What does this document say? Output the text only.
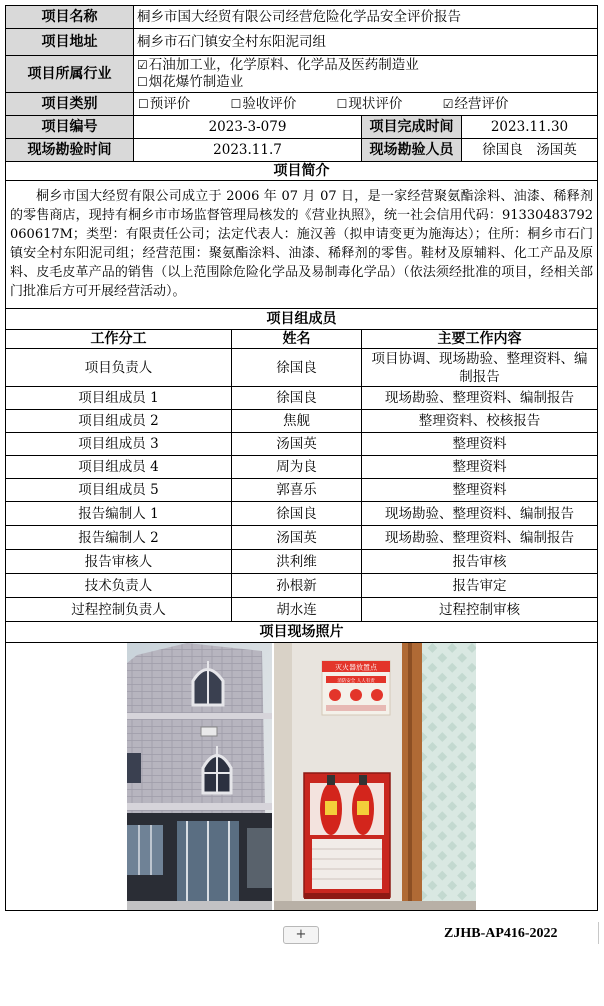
项目名称	桐乡市国大经贸有限公司经营危险化学品安全评价报告			
项目地址	桐乡市石门镇安全村东阳泥司组			
项目所属行业	☑石油加工业，化学原料、化学品及医药制造业
☐烟花爆竹制造业			

项目类别	☐预评价 ☐验收评价 ☐现状评价 ☑经营评价			
项目编号	2023-3-079		项目完成时间	2023.11.30
现场勘验时间	2023.11.7		现场勘验人员	徐国良　汤国英
项目简介				
桐乡市国大经贸有限公司成立于 2006 年 07 月 07 日，是一家经营聚氨酯涂料、油漆、稀释剂的零售商店，现持有桐乡市市场监督管理局核发的《营业执照》，统一社会信用代码：91330483792060617M；类型：有限责任公司；法定代表人：施汉善（拟申请变更为施海达）；住所：桐乡市石门镇安全村东阳泥司组；经营范围：聚氨酯涂料、油漆、稀释剂的零售。鞋材及原辅料、化工产品及原料、皮毛皮革产品的销售（以上范围除危险化学品及易制毒化学品）（依法须经批准的项目，经相关部门批准后方可开展经营活动）。				
项目组成员				
工作分工		姓名	主要工作内容	
项目负责人		徐国良	项目协调、现场勘验、整理资料、编制报告	
项目组成员 1		徐国良	现场勘验、整理资料、编制报告	
项目组成员 2		焦舰	整理资料、校核报告	
项目组成员 3		汤国英	整理资料	
项目组成员 4		周为良	整理资料	
项目组成员 5		郭喜乐	整理资料	
报告编制人 1		徐国良	现场勘验、整理资料、编制报告	
报告编制人 2		汤国英	现场勘验、整理资料、编制报告	
报告审核人		洪利维	报告审核	
技术负责人		孙根新	报告审定	
过程控制负责人		胡水连	过程控制审核	
项目现场照片				

灭火器放置点
消防安全 人人有责				
+	ZJHB-AP416-2022
